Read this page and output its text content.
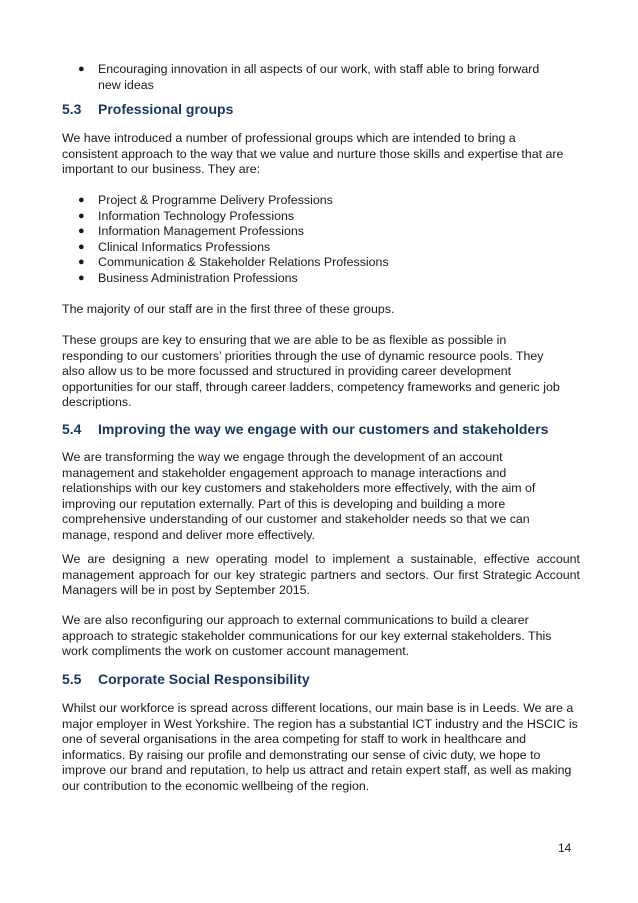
● Encouraging innovation in all aspects of our work, with staff able to bring forward new ideas
5.3	Professional groups

We have introduced a number of professional groups which are intended to bring a consistent approach to the way that we value and nurture those skills and expertise that are important to our business. They are:

● Project & Programme Delivery Professions
● Information Technology Professions
● Information Management Professions
● Clinical Informatics Professions
● Communication & Stakeholder Relations Professions
● Business Administration Professions

The majority of our staff are in the first three of these groups.

These groups are key to ensuring that we are able to be as flexible as possible in responding to our customers’ priorities through the use of dynamic resource pools. They also allow us to be more focussed and structured in providing career development opportunities for our staff, through career ladders, competency frameworks and generic job descriptions.

5.4	Improving the way we engage with our customers and stakeholders

We are transforming the way we engage through the development of an account management and stakeholder engagement approach to manage interactions and relationships with our key customers and stakeholders more effectively, with the aim of improving our reputation externally. Part of this is developing and building a more comprehensive understanding of our customer and stakeholder needs so that we can manage, respond and deliver more effectively.

We are designing a new operating model to implement a sustainable, effective account management approach for our key strategic partners and sectors. Our first Strategic Account Managers will be in post by September 2015.

We are also reconfiguring our approach to external communications to build a clearer approach to strategic stakeholder communications for our key external stakeholders. This work compliments the work on customer account management.

5.5	Corporate Social Responsibility

Whilst our workforce is spread across different locations, our main base is in Leeds. We are a major employer in West Yorkshire. The region has a substantial ICT industry and the HSCIC is one of several organisations in the area competing for staff to work in healthcare and informatics. By raising our profile and demonstrating our sense of civic duty, we hope to improve our brand and reputation, to help us attract and retain expert staff, as well as making our contribution to the economic wellbeing of the region.

14
